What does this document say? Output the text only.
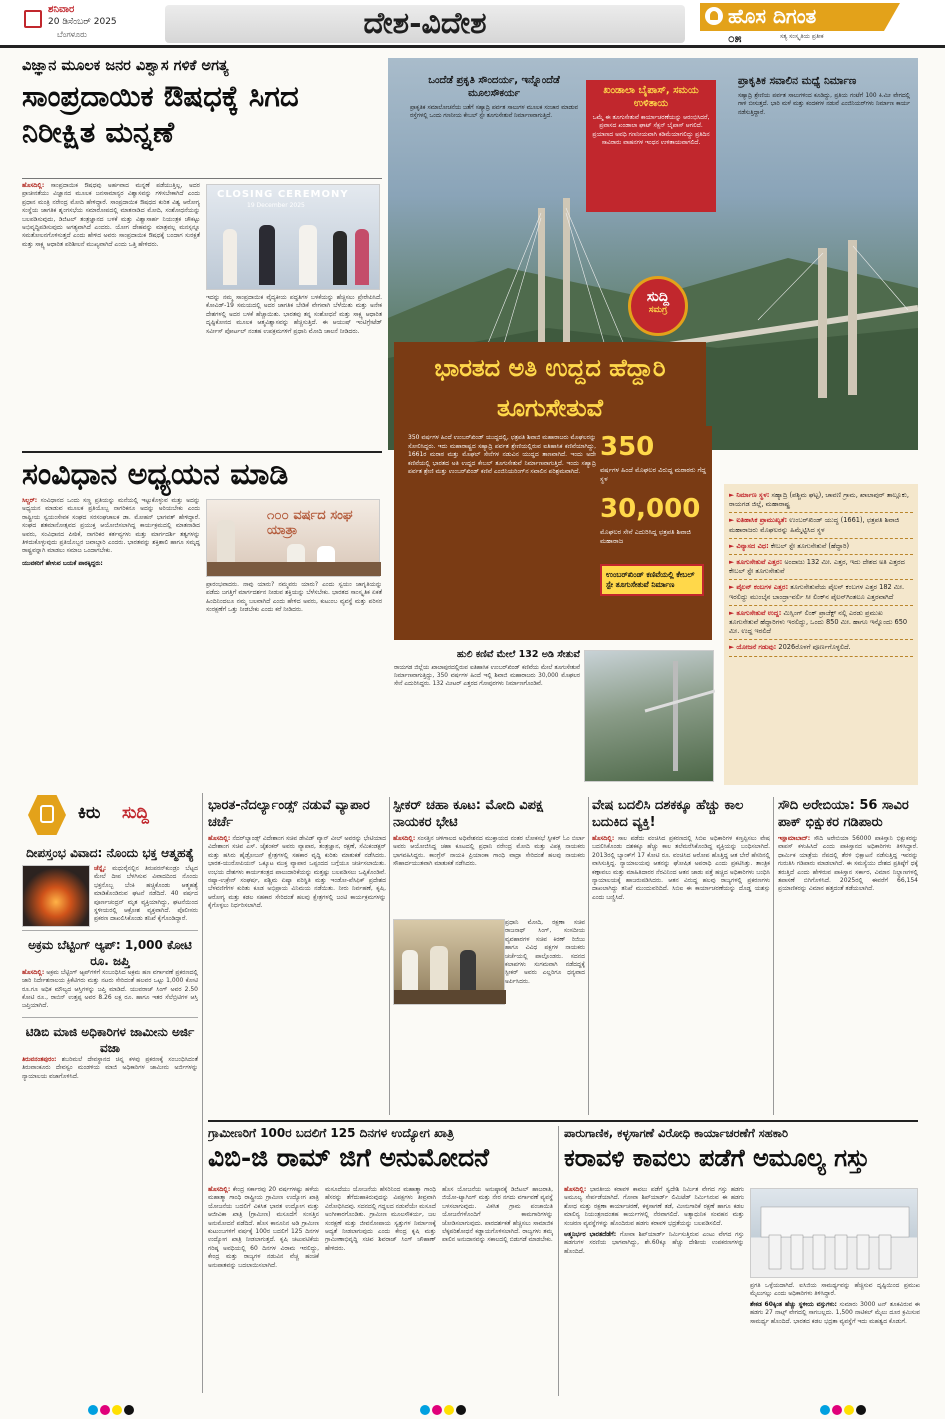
ಶನಿವಾರ
20 ಡಿಸೆಂಬರ್ 2025
ಬೆಂಗಳೂರು	ದೇಶ-ವಿದೇಶ	ಹೊಸ ದಿಗಂತ
೦೫	ಸತ್ಯ ಸಂಸ್ಕೃತಿಯ ಪ್ರತೀಕ
ವಿಜ್ಞಾನ ಮೂಲಕ ಜನರ ವಿಶ್ವಾಸ ಗಳಿಕೆ ಅಗತ್ಯ
ಸಾಂಪ್ರದಾಯಿಕ ಔಷಧಕ್ಕೆ ಸಿಗದ ನಿರೀಕ್ಷಿತ ಮನ್ನಣೆ
ಹೊಸದಿಲ್ಲಿ: ಸಾಂಪ್ರದಾಯಿಕ ಔಷಧವು ಅರ್ಹವಾದ ಮನ್ನಣೆ ಪಡೆಯುತ್ತಿಲ್ಲ, ಅದರ ಪ್ರಾಚೀನತೆಯು ವಿಜ್ಞಾನದ ಮೂಲಕ ಜನಸಾಮಾನ್ಯರ ವಿಶ್ವಾಸವನ್ನು ಗಳಿಸಬೇಕಾಗಿದೆ ಎಂದು ಪ್ರಧಾನ ಮಂತ್ರಿ ನರೇಂದ್ರ ಮೋದಿ ಹೇಳಿದ್ದಾರೆ. ಸಾಂಪ್ರದಾಯಿಕ ಔಷಧದ ಕುರಿತ ವಿಶ್ವ ಆರೋಗ್ಯ ಸಂಸ್ಥೆಯ ಜಾಗತಿಕ ಶೃಂಗಸಭೆಯ ಸಮಾರೋಪದಲ್ಲಿ ಮಾತನಾಡಿದ ಮೋದಿ, ಸಂಶೋಧನೆಯನ್ನು ಬಲಪಡಿಸುವುದು, ಡಿಜಿಟಲ್ ತಂತ್ರಜ್ಞಾನದ ಬಳಕೆ ಮತ್ತು ವಿಶ್ವಾಸಾರ್ಹ ನಿಯಂತ್ರಕ ಚೌಕಟ್ಟು ಅಭಿವೃದ್ಧಿಪಡಿಸುವುದು ಅಗತ್ಯವಾಗಿದೆ ಎಂದರು. ಯೋಗ ದೇಹವನ್ನು ಮಾತ್ರವಲ್ಲ ಮನಸ್ಸನ್ನೂ ಸಮತೋಲನಗೊಳಿಸುತ್ತದೆ ಎಂದು ಹೇಳಿದ ಅವರು ಸಾಂಪ್ರದಾಯಿಕ ಔಷಧಕ್ಕೆ ಬಂದಾಗ ಸುರಕ್ಷತೆ ಮತ್ತು ಸಾಕ್ಷ್ಯ ಆಧಾರಿತ ಪರಿಶೀಲನೆ ಮುಖ್ಯವಾಗಿದೆ ಎಂದು ಒತ್ತಿ ಹೇಳಿದರು.
CLOSING CEREMONY
19 December 2025
ಇದನ್ನು ನಮ್ಮ ಸಾಂಪ್ರದಾಯಿಕ ವೈದ್ಯಕೀಯ ಪದ್ಧತಿಗಳ ಬಳಕೆಯನ್ನು ಹೆಚ್ಚಿಸಲು ಪ್ರೇರೇಪಿಸಿದೆ. ಕೋವಿಡ್-19 ಸಮಯದಲ್ಲಿ ಅದರ ಜಾಗತಿಕ ಬೇಡಿಕೆ ವೇಗವಾಗಿ ಬೆಳೆಯಿತು ಮತ್ತು ಅನೇಕ ದೇಶಗಳಲ್ಲಿ ಅದರ ಬಳಕೆ ಹೆಚ್ಚಾಯಿತು. ಭಾರತವು ತನ್ನ ಸಂಶೋಧನೆ ಮತ್ತು ಸಾಕ್ಷ್ಯ ಆಧಾರಿತ ದೃಷ್ಟಿಕೋನದ ಮೂಲಕ ಆತ್ಮವಿಶ್ವಾಸವನ್ನು ಹೆಚ್ಚಿಸುತ್ತಿದೆ. ಈ ಆಯುಷ್ ಇಂಟಿಗ್ರೇಟೆಡ್ ಸರ್ವೀಸ್ ಪೋರ್ಟಲ್ ನಂತಹ ಉಪಕ್ರಮಗಳಿಗೆ ಪ್ರಧಾನಿ ಮೋದಿ ಚಾಲನೆ ನೀಡಿದರು.
ಸಂವಿಧಾನ ಅಧ್ಯಯನ ಮಾಡಿ
ಸಿಲ್ಚರ್: ಸಂವಿಧಾನದ ಒಂದು ಸಣ್ಣ ಪ್ರತಿಯನ್ನು ಮನೆಯಲ್ಲಿ ಇಟ್ಟುಕೊಳ್ಳುವ ಮತ್ತು ಅದನ್ನು ಅಧ್ಯಯನ ಮಾಡುವ ಮೂಲಕ ಪ್ರತಿಯೊಬ್ಬ ನಾಗರಿಕನೂ ಅದನ್ನು ಅರಿಯಬೇಕು ಎಂದು ರಾಷ್ಟ್ರೀಯ ಸ್ವಯಂಸೇವಕ ಸಂಘದ ಸರಸಂಘಚಾಲಕ ಡಾ. ಮೋಹನ್ ಭಾಗವತ್ ಹೇಳಿದ್ದಾರೆ. ಸಂಘದ ಶತಮಾನೋತ್ಸವದ ಪ್ರಯುಕ್ತ ಆಯೋಜಿಸಲಾಗಿದ್ದ ಕಾರ್ಯಕ್ರಮದಲ್ಲಿ ಮಾತನಾಡಿದ ಅವರು, ಸಂವಿಧಾನದ ಪೀಠಿಕೆ, ನಾಗರಿಕರ ಕರ್ತವ್ಯಗಳು ಮತ್ತು ಮಾರ್ಗದರ್ಶಿ ತತ್ವಗಳನ್ನು ತಿಳಿದುಕೊಳ್ಳುವುದು ಪ್ರತಿಯೊಬ್ಬರ ಜವಾಬ್ದಾರಿ ಎಂದರು. ಭಾರತವನ್ನು ಶಕ್ತಿಶಾಲಿ ಹಾಗೂ ಸಮೃದ್ಧ ರಾಷ್ಟ್ರವನ್ನಾಗಿ ಮಾಡಲು ಸಮಾಜ ಒಂದಾಗಬೇಕು.
ಯುವಕರಿಗೆ ಹೇಳುವ ಬಯಕೆ ಪಾಠಕ್ಕಿದ್ದರು:
೧೦೦ ವರ್ಷದ ಸಂಘ ಯಾತ್ರಾ
ಪ್ರಾರಂಭವಾದರು. ನಾವು ಯಾರು? ನಮ್ಮವರು ಯಾರು? ಎಂದು ಸ್ವಯಂ ಜಾಗೃತಿಯನ್ನು ಪಡೆದು ಜಗತ್ತಿಗೆ ಮಾರ್ಗದರ್ಶನ ನೀಡುವ ಶಕ್ತಿಯನ್ನು ಬೆಳೆಸಬೇಕು. ಭಾರತದ ಸಾಂಸ್ಕೃತಿಕ ಏಕತೆ ಹಿಂದಿನಿಂದಲೂ ನಮ್ಮ ಬಲವಾಗಿದೆ ಎಂದು ಹೇಳಿದ ಅವರು, ಕುಟುಂಬ ವ್ಯವಸ್ಥೆ ಮತ್ತು ಪರಿಸರ ಸಂರಕ್ಷಣೆಗೆ ಒತ್ತು ನೀಡಬೇಕು ಎಂದು ಕರೆ ನೀಡಿದರು.
ಒಂದೆಡೆ ಪ್ರಕೃತಿ ಸೌಂದರ್ಯ, ಇನ್ನೊಂದೆಡೆ ಮೂಲಸೌಕರ್ಯ
ಪ್ರಾಕೃತಿಕ ಸಮಾಲೋಚನೆಯ ಜತೆಗೆ ಸಹ್ಯಾದ್ರಿ ಪರ್ವತ ಸಾಲುಗಳ ಮೂಲಕ ಸಂಚಾರ ಮಾಡುವ ರಸ್ತೆಗಳಲ್ಲಿ ಒಂದು ಗಣನೀಯ ಕೇಬಲ್ ಸ್ಟೇ ತೂಗುಸೇತುವೆ ನಿರ್ಮಾಣವಾಗುತ್ತಿದೆ.
ಖಂಡಾಲಾ ಬೈಪಾಸ್, ಸಮಯ ಉಳಿತಾಯ
ಒಮ್ಮೆ ಈ ತೂಗುಸೇತುವೆ ಕಾರ್ಯಾಚರಣೆಯನ್ನು ಆರಂಭಿಸಿದರೆ, ಪ್ರವಾಸದ ಖಂಡಾಲಾ ಘಾಟ್ ಸೆಕ್ಷನ್ ಬೈಪಾಸ್ ಆಗಲಿದೆ. ಪ್ರಯಾಣದ ಅವಧಿ ಗಣನೀಯವಾಗಿ ಕಡಿಮೆಯಾಗಲಿದ್ದು ಪ್ರತಿದಿನ ಸಾವಿರಾರು ವಾಹನಗಳ ಇಂಧನ ಉಳಿತಾಯವಾಗಲಿದೆ.
ಪ್ರಾಕೃತಿಕ ಸವಾಲಿನ ಮಧ್ಯೆ ನಿರ್ಮಾಣ
ಸಹ್ಯಾದ್ರಿ ಶ್ರೇಣಿಯ ಪರ್ವತ ಸಾಲುಗಳಿಂದ ಕೂಡಿದ್ದು, ಪ್ರತಿಯ ಗಂಟೆಗೆ 100 ಕಿ.ಮೀ ವೇಗದಲ್ಲಿ ಗಾಳಿ ಬೀಸುತ್ತದೆ. ಭಾರಿ ಮಳೆ ಮತ್ತು ಕಂದಕಗಳ ನಡುವೆ ಎಂಜಿನಿಯರ್‌ಗಳು ನಿರ್ಮಾಣ ಕಾರ್ಯ ನಡೆಸುತ್ತಿದ್ದಾರೆ.
ಸುದ್ದಿ
ಸಮಗ್ರ
ಭಾರತದ ಅತಿ ಉದ್ದದ ಹೆದ್ದಾರಿ ತೂಗುಸೇತುವೆ
350 ವರ್ಷಗಳ ಹಿಂದೆ ಉಂಬರ್‌ಖಿಂಡ್ ಯುದ್ಧದಲ್ಲಿ, ಛತ್ರಪತಿ ಶಿವಾಜಿ ಮಹಾರಾಜರು ಮೊಘಲರನ್ನು ಸೋಲಿಸಿದ್ದರು. ಇದು ಮಹಾರಾಷ್ಟ್ರದ ಸಹ್ಯಾದ್ರಿ ಪರ್ವತ ಶ್ರೇಣಿಯಲ್ಲಿರುವ ಐತಿಹಾಸಿಕ ಕಣಿವೆಯಾಗಿದ್ದು, 1661ರ ಮರಾಠ ಮತ್ತು ಮೊಘಲ್ ಸೇನೆಗಳ ನಡುವಿನ ಯುದ್ಧದ ತಾಣವಾಗಿದೆ. ಇಂದು ಅದೇ ಕಣಿವೆಯಲ್ಲಿ ಭಾರತದ ಅತಿ ಉದ್ದದ ಕೇಬಲ್ ತೂಗುಸೇತುವೆ ನಿರ್ಮಾಣವಾಗುತ್ತಿದೆ. ಇಂದು ಸಹ್ಯಾದ್ರಿ ಪರ್ವತ ಶ್ರೇಣಿ ಮತ್ತು ಉಂಬರ್‌ಖಿಂಡ್ ಕಣಿವೆ ಎಂಜಿನಿಯರಿಂಗ್‌ನ ಸವಾಲಿನ ಪರಿಶ್ರಮವಾಗಿದೆ.
350
ವರ್ಷಗಳ ಹಿಂದೆ ಮೊಘಲರ ವಿರುದ್ಧ ಮರಾಠರು ಗೆದ್ದ ಸ್ಥಳ
30,000
ಮೊಘಲರ ಸೇನೆ ಎದುರಿಸಿದ್ದ ಛತ್ರಪತಿ ಶಿವಾಜಿ ಮಹಾರಾಜ
ಉಂಬರ್‌ಖಿಂಡ್ ಕಣಿವೆಯಲ್ಲಿ ಕೇಬಲ್ ಸ್ಟೇ ತೂಗುಸೇತುವೆ ನಿರ್ಮಾಣ
ಹುಲಿ ಕಣಿವೆ ಮೇಲೆ 132 ಅಡಿ ಸೇತುವೆ
ರಾಯಗಡ ಜಿಲ್ಲೆಯ ಖಾಲಾಪುರದಲ್ಲಿರುವ ಐತಿಹಾಸಿಕ ಉಂಬರ್‌ಖಿಂಡ್ ಕಣಿವೆಯ ಮೇಲೆ ತೂಗುಸೇತುವೆ ನಿರ್ಮಾಣವಾಗುತ್ತಿದ್ದು, 350 ವರ್ಷಗಳ ಹಿಂದೆ ಇಲ್ಲಿ ಶಿವಾಜಿ ಮಹಾರಾಜರು 30,000 ಮೊಘಲರ ಸೇನೆ ಎದುರಿಸಿದ್ದರು. 132 ಮೀಟರ್ ಎತ್ತರದ ಗೋಪುರಗಳು ನಿರ್ಮಾಣಗೊಂಡಿವೆ.
► ನಿರ್ಮಾಣ ಸ್ಥಳ: ಸಹ್ಯಾದ್ರಿ (ಪಶ್ಚಿಮ ಘಟ್ಟ), ಚಾವಣಿ ಗ್ರಾಮ, ಖಾಲಾಪುರ್ ತಾಲ್ಲೂಕು, ರಾಯಗಡ ಜಿಲ್ಲೆ, ಮಹಾರಾಷ್ಟ್ರ
► ಐತಿಹಾಸಿಕ ಪ್ರಾಮುಖ್ಯತೆ: ಉಂಬರ್‌ಖಿಂಡ್ ಯುದ್ಧ (1661), ಛತ್ರಪತಿ ಶಿವಾಜಿ ಮಹಾರಾಜರು ಮೊಘಲರನ್ನು ಹಿಮ್ಮೆಟ್ಟಿಸಿದ ಸ್ಥಳ
► ವಿನ್ಯಾಸದ ವಿಧ: ಕೇಬಲ್ ಸ್ಟೇ ತೂಗುಸೇತುವೆ (ಹೆದ್ದಾರಿ)
► ತೂಗುಸೇತುವೆ ಎತ್ತರ: ಅಂದಾಜು 132 ಮೀ. ಎತ್ತರ, ಇದು ದೇಶದ ಅತಿ ಎತ್ತರದ ಕೇಬಲ್ ಸ್ಟೇ ತೂಗುಸೇತುವೆ
► ಪೈಲನ್ ಕಂಬಗಳ ಎತ್ತರ: ತೂಗುಸೇತುವೆಯ ಪೈಲನ್ ಕಂಬಗಳ ಎತ್ತರ 182 ಮೀ. ಇರಲಿದ್ದು ಮುಂಬೈನ ಬಾಂದ್ರಾ-ವರ್ಲಿ ಸೀ ಲಿಂಕ್‌ನ ಪೈಲನ್‌ಗಿಂತಲೂ ಎತ್ತರವಾಗಿದೆ
► ತೂಗುಸೇತುವೆ ಉದ್ದ: ಮಿಸ್ಸಿಂಗ್ ಲಿಂಕ್ ಪ್ರಾಜೆಕ್ಟ್ ನಲ್ಲಿ ಎರಡು ಪ್ರಮುಖ ತೂಗುಸೇತುವೆ ಹೆದ್ದಾರಿಗಳು ಇರಲಿದ್ದು, ಒಂದು 850 ಮೀ. ಹಾಗೂ ಇನ್ನೊಂದು 650 ಮೀ. ಉದ್ದ ಇರಲಿದೆ
► ಯೋಜನೆ ಗಡುವು: 2026ರೊಳಗೆ ಪೂರ್ಣಗೊಳ್ಳಲಿದೆ.
ಕಿರು ಸುದ್ದಿ
ದೀಪಸ್ತಂಭ ವಿವಾದ: ನೊಂದು ಭಕ್ತ ಆತ್ಮಹತ್ಯೆ
ಚೆನ್ನೈ: ಮಧುರೈನಲ್ಲಿನ ತಿರುಪರನ್‌ಕುಂಡ್ರಂ ಬೆಟ್ಟದ ಮೇಲೆ ದೀಪ ಬೆಳಗಿಸುವ ವಿವಾದದಿಂದ ನೊಂದು ಭಕ್ತನೊಬ್ಬ ಬೆಂಕಿ ಹಚ್ಚಿಕೊಂಡು ಆತ್ಮಹತ್ಯೆ ಮಾಡಿಕೊಂಡಿರುವ ಘಟನೆ ನಡೆದಿದೆ. 40 ವರ್ಷದ ಪೂರ್ಣಚಂದ್ರನ್ ಮೃತ ವ್ಯಕ್ತಿಯಾಗಿದ್ದು, ಘಟನೆಯಿಂದ ಸ್ಥಳೀಯರಲ್ಲಿ ಆಕ್ರೋಶ ವ್ಯಕ್ತವಾಗಿದೆ. ಪೊಲೀಸರು ಪ್ರಕರಣ ದಾಖಲಿಸಿಕೊಂಡು ತನಿಖೆ ಕೈಗೊಂಡಿದ್ದಾರೆ.
ಅಕ್ರಮ ಬೆಟ್ಟಿಂಗ್ ಆ್ಯಪ್: 1,000 ಕೋಟಿ ರೂ. ಜಪ್ತಿ
ಹೊಸದಿಲ್ಲಿ: ಅಕ್ರಮ ಬೆಟ್ಟಿಂಗ್ ಆ್ಯಪ್‌ಗಳಿಗೆ ಸಂಬಂಧಿಸಿದ ಅಕ್ರಮ ಹಣ ವರ್ಗಾವಣೆ ಪ್ರಕರಣದಲ್ಲಿ ಜಾರಿ ನಿರ್ದೇಶನಾಲಯ ಕ್ರಿಕೆಟಿಗರು ಮತ್ತು ನಟರು ಸೇರಿದಂತೆ ಹಲವರ ಒಟ್ಟು 1,000 ಕೋಟಿ ರೂ.ಗೂ ಅಧಿಕ ಮೌಲ್ಯದ ಆಸ್ತಿಗಳನ್ನು ಜಪ್ತಿ ಮಾಡಿದೆ. ಯುವರಾಜ್ ಸಿಂಗ್ ಅವರ 2.50 ಕೋಟಿ ರೂ., ರಾಬಿನ್ ಉತ್ತಪ್ಪ ಅವರ 8.26 ಲಕ್ಷ ರೂ. ಹಾಗೂ ಇತರ ಸೆಲೆಬ್ರಿಟಿಗಳ ಆಸ್ತಿ ಜಪ್ತಿಯಾಗಿದೆ.
ಟಿಡಿಬಿ ಮಾಜಿ ಅಧಿಕಾರಿಗಳ ಜಾಮೀನು ಅರ್ಜಿ ವಜಾ
ತಿರುವನಂತಪುರಂ: ಶಬರಿಮಲೆ ದೇವಸ್ಥಾನದ ಚಿನ್ನ ಕಳವು ಪ್ರಕರಣಕ್ಕೆ ಸಂಬಂಧಿಸಿದಂತೆ ತಿರುವಾಂಕೂರು ದೇವಸ್ವಂ ಮಂಡಳಿಯ ಮಾಜಿ ಅಧಿಕಾರಿಗಳ ಜಾಮೀನು ಅರ್ಜಿಗಳನ್ನು ನ್ಯಾಯಾಲಯ ವಜಾಗೊಳಿಸಿದೆ.
ಭಾರತ-ನೆದರ್ಲ್ಯಾಂಡ್ಸ್ ನಡುವೆ ವ್ಯಾಪಾರ ಚರ್ಚೆ
ಹೊಸದಿಲ್ಲಿ: ನೆದರ್‌ಲ್ಯಾಂಡ್ಸ್ ವಿದೇಶಾಂಗ ಸಚಿವ ಡೇವಿಡ್ ವ್ಯಾನ್ ವೀಲ್ ಅವರನ್ನು ಭೇಟಿಯಾದ ವಿದೇಶಾಂಗ ಸಚಿವ ಎಸ್. ಜೈಶಂಕರ್ ಅವರು ವ್ಯಾಪಾರ, ತಂತ್ರಜ್ಞಾನ, ರಕ್ಷಣೆ, ಸೆಮಿಕಂಡಕ್ಟರ್ ಮತ್ತು ಹಸಿರು ಹೈಡ್ರೋಜನ್ ಕ್ಷೇತ್ರಗಳಲ್ಲಿ ಸಹಕಾರ ವೃದ್ಧಿ ಕುರಿತು ಮಾತುಕತೆ ನಡೆಸಿದರು. ಭಾರತ-ಯುರೋಪಿಯನ್ ಒಕ್ಕೂಟ ಮುಕ್ತ ವ್ಯಾಪಾರ ಒಪ್ಪಂದದ ಬಗ್ಗೆಯೂ ಚರ್ಚಿಸಲಾಯಿತು. ಉಭಯ ದೇಶಗಳು ಕಾರ್ಯತಂತ್ರದ ಪಾಲುದಾರಿಕೆಯನ್ನು ಮತ್ತಷ್ಟು ಬಲಪಡಿಸಲು ಒಪ್ಪಿಕೊಂಡಿವೆ. ರಷ್ಯಾ-ಉಕ್ರೇನ್ ಸಂಘರ್ಷ, ಪಶ್ಚಿಮ ಏಷ್ಯಾ ಪರಿಸ್ಥಿತಿ ಮತ್ತು ಇಂಡೋ-ಪೆಸಿಫಿಕ್ ಪ್ರದೇಶದ ಬೆಳವಣಿಗೆಗಳ ಕುರಿತು ಕೂಡ ಅಭಿಪ್ರಾಯ ವಿನಿಮಯ ನಡೆಯಿತು. ನೀರು ನಿರ್ವಹಣೆ, ಕೃಷಿ, ಆರೋಗ್ಯ ಮತ್ತು ಕಡಲ ಸಹಕಾರ ಸೇರಿದಂತೆ ಹಲವು ಕ್ಷೇತ್ರಗಳಲ್ಲಿ ಜಂಟಿ ಕಾರ್ಯಕ್ರಮಗಳನ್ನು ಕೈಗೊಳ್ಳಲು ನಿರ್ಧರಿಸಲಾಗಿದೆ.
ಸ್ಪೀಕರ್ ಚಹಾ ಕೂಟ: ಮೋದಿ ವಿಪಕ್ಷ ನಾಯಕರ ಭೇಟಿ
ಹೊಸದಿಲ್ಲಿ: ಸಂಸತ್ತಿನ ಚಳಿಗಾಲದ ಅಧಿವೇಶನದ ಮುಕ್ತಾಯದ ನಂತರ ಲೋಕಸಭೆ ಸ್ಪೀಕರ್ ಓಂ ಬಿರ್ಲಾ ಅವರು ಆಯೋಜಿಸಿದ್ದ ಚಹಾ ಕೂಟದಲ್ಲಿ ಪ್ರಧಾನಿ ನರೇಂದ್ರ ಮೋದಿ ಮತ್ತು ವಿಪಕ್ಷ ನಾಯಕರು ಭಾಗವಹಿಸಿದ್ದರು. ಕಾಂಗ್ರೆಸ್ ನಾಯಕಿ ಪ್ರಿಯಾಂಕಾ ಗಾಂಧಿ ವಾದ್ರಾ ಸೇರಿದಂತೆ ಹಲವು ನಾಯಕರು ಸೌಹಾರ್ದಯುತವಾಗಿ ಮಾತುಕತೆ ನಡೆಸಿದರು.
ಪ್ರಧಾನಿ ಮೋದಿ, ರಕ್ಷಣಾ ಸಚಿವ ರಾಜನಾಥ್ ಸಿಂಗ್, ಸಂಸದೀಯ ವ್ಯವಹಾರಗಳ ಸಚಿವ ಕಿರಣ್ ರಿಜಿಜು ಹಾಗೂ ವಿವಿಧ ಪಕ್ಷಗಳ ನಾಯಕರು ಚರ್ಚೆಯಲ್ಲಿ ಪಾಲ್ಗೊಂಡರು. ಸದನದ ಕಲಾಪಗಳು ಸುಗಮವಾಗಿ ನಡೆದದ್ದಕ್ಕೆ ಸ್ಪೀಕರ್ ಅವರು ಎಲ್ಲರಿಗೂ ಧನ್ಯವಾದ ಅರ್ಪಿಸಿದರು.
ವೇಷ ಬದಲಿಸಿ ದಶಕಕ್ಕೂ ಹೆಚ್ಚು ಕಾಲ ಬದುಕಿದ ವ್ಯಕ್ತಿ!
ಹೊಸದಿಲ್ಲಿ: ಸಾಲ ಪಡೆದು ವಂಚಿಸಿದ ಪ್ರಕರಣದಲ್ಲಿ ಸಿಬಿಐ ಅಧಿಕಾರಿಗಳ ಕಣ್ತಪ್ಪಿಸಲು ವೇಷ ಬದಲಿಸಿಕೊಂಡು ದಶಕಕ್ಕೂ ಹೆಚ್ಚು ಕಾಲ ತಲೆಮರೆಸಿಕೊಂಡಿದ್ದ ವ್ಯಕ್ತಿಯನ್ನು ಬಂಧಿಸಲಾಗಿದೆ. 2013ರಲ್ಲಿ ಬ್ಯಾಂಕ್‌ಗೆ 17 ಕೋಟಿ ರೂ. ವಂಚಿಸಿದ ಆರೋಪ ಹೊತ್ತಿದ್ದ ಆತ ಬೇರೆ ಹೆಸರಿನಲ್ಲಿ ವಾಸಿಸುತ್ತಿದ್ದ. ನ್ಯಾಯಾಲಯವು ಆತನನ್ನು ಘೋಷಿತ ಅಪರಾಧಿ ಎಂದು ಪ್ರಕಟಿಸಿತ್ತು. ತಾಂತ್ರಿಕ ಕಣ್ಗಾವಲು ಮತ್ತು ಮಾಹಿತಿದಾರರ ನೆರವಿನಿಂದ ಆತನ ಜಾಡು ಪತ್ತೆ ಹಚ್ಚಿದ ಅಧಿಕಾರಿಗಳು ಬಂಧಿಸಿ ನ್ಯಾಯಾಲಯಕ್ಕೆ ಹಾಜರುಪಡಿಸಿದರು. ಆತನ ವಿರುದ್ಧ ಹಲವು ರಾಜ್ಯಗಳಲ್ಲಿ ಪ್ರಕರಣಗಳು ದಾಖಲಾಗಿದ್ದು ತನಿಖೆ ಮುಂದುವರಿದಿದೆ. ಸಿಬಿಐ ಈ ಕಾರ್ಯಾಚರಣೆಯನ್ನು ದೊಡ್ಡ ಯಶಸ್ಸು ಎಂದು ಬಣ್ಣಿಸಿದೆ.
ಸೌದಿ ಅರೇಬಿಯಾ: 56 ಸಾವಿರ ಪಾಕ್ ಭಿಕ್ಷುಕರ ಗಡಿಪಾರು
ಇಸ್ಲಾಮಾಬಾದ್: ಸೌದಿ ಅರೇಬಿಯಾ 56000 ಪಾಕಿಸ್ತಾನಿ ಭಿಕ್ಷುಕರನ್ನು ವಾಪಸ್ ಕಳುಹಿಸಿದೆ ಎಂದು ಪಾಕಿಸ್ತಾನದ ಅಧಿಕಾರಿಗಳು ತಿಳಿಸಿದ್ದಾರೆ. ಧಾರ್ಮಿಕ ಯಾತ್ರೆಯ ನೆಪದಲ್ಲಿ ತೆರಳಿ ಭಿಕ್ಷಾಟನೆ ನಡೆಸುತ್ತಿದ್ದ ಇವರನ್ನು ಗುರುತಿಸಿ ಗಡಿಪಾರು ಮಾಡಲಾಗಿದೆ. ಈ ಸಮಸ್ಯೆಯು ದೇಶದ ಪ್ರತಿಷ್ಠೆಗೆ ಧಕ್ಕೆ ತರುತ್ತಿದೆ ಎಂದು ಹೇಳಿರುವ ಪಾಕಿಸ್ತಾನ ಸರ್ಕಾರ, ವಿಮಾನ ನಿಲ್ದಾಣಗಳಲ್ಲಿ ತಪಾಸಣೆ ಬಿಗಿಗೊಳಿಸಿದೆ. 2025ರಲ್ಲಿ ಈವರೆಗೆ 66,154 ಪ್ರಯಾಣಿಕರನ್ನು ವಿಮಾನ ಹತ್ತದಂತೆ ತಡೆಯಲಾಗಿದೆ.
ಗ್ರಾಮೀಣರಿಗೆ 100ರ ಬದಲಿಗೆ 125 ದಿನಗಳ ಉದ್ಯೋಗ ಖಾತ್ರಿ
ವಿಬಿ-ಜಿ ರಾಮ್ ಜಿಗೆ ಅನುಮೋದನೆ
ಹೊಸದಿಲ್ಲಿ: ಕೇಂದ್ರ ಸರ್ಕಾರವು 20 ವರ್ಷಗಳಷ್ಟು ಹಳೆಯ ಮಹಾತ್ಮಾ ಗಾಂಧಿ ರಾಷ್ಟ್ರೀಯ ಗ್ರಾಮೀಣ ಉದ್ಯೋಗ ಖಾತ್ರಿ ಯೋಜನೆಯ ಬದಲಿಗೆ ವಿಕಸಿತ ಭಾರತ ಉದ್ಯೋಗ ಮತ್ತು ಆಜೀವಿಕಾ ಖಾತ್ರಿ (ಗ್ರಾಮೀಣ) ಮಸೂದೆಗೆ ಸಂಸತ್ತಿನ ಅನುಮೋದನೆ ಪಡೆದಿದೆ. ಹೊಸ ಕಾನೂನಿನ ಅಡಿ ಗ್ರಾಮೀಣ ಕುಟುಂಬಗಳಿಗೆ ವರ್ಷಕ್ಕೆ 100ರ ಬದಲಿಗೆ 125 ದಿನಗಳ ಉದ್ಯೋಗ ಖಾತ್ರಿ ನೀಡಲಾಗುತ್ತದೆ. ಕೃಷಿ ಚಟುವಟಿಕೆಯ ಗರಿಷ್ಠ ಅವಧಿಯಲ್ಲಿ 60 ದಿನಗಳ ವಿರಾಮ ಇರಲಿದ್ದು, ಕೇಂದ್ರ ಮತ್ತು ರಾಜ್ಯಗಳ ನಡುವಿನ ವೆಚ್ಚ ಹಂಚಿಕೆ ಅನುಪಾತವನ್ನು ಬದಲಾಯಿಸಲಾಗಿದೆ.
ಮಸೂದೆಯು ಯೋಜನೆಯ ಹೆಸರಿನಿಂದ ಮಹಾತ್ಮಾ ಗಾಂಧಿ ಹೆಸರನ್ನು ತೆಗೆದುಹಾಕಿರುವುದನ್ನು ವಿಪಕ್ಷಗಳು ತೀವ್ರವಾಗಿ ವಿರೋಧಿಸಿದವು. ಸದನದಲ್ಲಿ ಗದ್ದಲದ ನಡುವೆಯೇ ಮಸೂದೆ ಅಂಗೀಕಾರಗೊಂಡಿತು. ಗ್ರಾಮೀಣ ಮೂಲಸೌಕರ್ಯ, ಜಲ ಸಂರಕ್ಷಣೆ ಮತ್ತು ಜೀವನೋಪಾಯ ಸ್ವತ್ತುಗಳ ನಿರ್ಮಾಣಕ್ಕೆ ಆದ್ಯತೆ ನೀಡಲಾಗುವುದು ಎಂದು ಕೇಂದ್ರ ಕೃಷಿ ಮತ್ತು ಗ್ರಾಮೀಣಾಭಿವೃದ್ಧಿ ಸಚಿವ ಶಿವರಾಜ್ ಸಿಂಗ್ ಚೌಹಾಣ್ ಹೇಳಿದರು.
ಹೊಸ ಯೋಜನೆಯ ಅನುಷ್ಠಾನಕ್ಕೆ ಡಿಜಿಟಲ್ ಹಾಜರಾತಿ, ಜಿಯೋ-ಟ್ಯಾಗಿಂಗ್ ಮತ್ತು ನೇರ ನಗದು ವರ್ಗಾವಣೆ ವ್ಯವಸ್ಥೆ ಬಳಸಲಾಗುವುದು. ವಿಕಸಿತ ಗ್ರಾಮ ಪಂಚಾಯಿತಿ ಯೋಜನೆಗಳೊಂದಿಗೆ ಕಾಮಗಾರಿಗಳನ್ನು ಜೋಡಿಸಲಾಗುವುದು. ಪಾರದರ್ಶಕತೆ ಹೆಚ್ಚಿಸಲು ಸಾಮಾಜಿಕ ಲೆಕ್ಕಪರಿಶೋಧನೆ ಕಡ್ಡಾಯಗೊಳಿಸಲಾಗಿದೆ. ರಾಜ್ಯಗಳು ತಮ್ಮ ಪಾಲಿನ ಅನುದಾನವನ್ನು ಸಕಾಲದಲ್ಲಿ ಬಿಡುಗಡೆ ಮಾಡಬೇಕು.
ಪಾರುಗಾಣಿಕ, ಕಳ್ಳಸಾಗಣೆ ವಿರೋಧಿ ಕಾರ್ಯಾಚರಣೆಗೆ ಸಹಕಾರಿ
ಕರಾವಳಿ ಕಾವಲು ಪಡೆಗೆ ಅಮೂಲ್ಯ ಗಸ್ತು
ಹೊಸದಿಲ್ಲಿ: ಭಾರತೀಯ ಕರಾವಳಿ ಕಾವಲು ಪಡೆಗೆ ಸ್ವದೇಶಿ ನಿರ್ಮಿತ ವೇಗದ ಗಸ್ತು ಹಡಗು ಅಮೂಲ್ಯ ಸೇರ್ಪಡೆಯಾಗಿದೆ. ಗೋವಾ ಶಿಪ್‌ಯಾರ್ಡ್ ಲಿಮಿಟೆಡ್ ನಿರ್ಮಿಸಿರುವ ಈ ಹಡಗು ಶೋಧ ಮತ್ತು ರಕ್ಷಣಾ ಕಾರ್ಯಾಚರಣೆ, ಕಳ್ಳಸಾಗಣೆ ತಡೆ, ಮೀನುಗಾರಿಕೆ ರಕ್ಷಣೆ ಹಾಗೂ ಕಡಲ ಮಾಲಿನ್ಯ ನಿಯಂತ್ರಣದಂತಹ ಕಾರ್ಯಗಳಲ್ಲಿ ನೆರವಾಗಲಿದೆ. ಅತ್ಯಾಧುನಿಕ ಸಂವಹನ ಮತ್ತು ಸಂಚರಣ ವ್ಯವಸ್ಥೆಗಳನ್ನು ಹೊಂದಿರುವ ಹಡಗು ಕರಾವಳಿ ಭದ್ರತೆಯನ್ನು ಬಲಪಡಿಸಲಿದೆ.
ಆತ್ಮನಿರ್ಭರ ಭಾರತದೆಡೆಗೆ: ಗೋವಾ ಶಿಪ್‌ಯಾರ್ಡ್ ನಿರ್ಮಿಸುತ್ತಿರುವ ಎಂಟು ವೇಗದ ಗಸ್ತು ಹಡಗುಗಳ ಸರಣಿಯ ಭಾಗವಾಗಿದ್ದು, ಶೇ.60ಕ್ಕೂ ಹೆಚ್ಚು ದೇಶೀಯ ಉಪಕರಣಗಳನ್ನು ಹೊಂದಿದೆ.
ಪ್ರಗತಿ ಒಳ್ಳೆಯದಾಗಿದೆ. ಐಸಿಜಿಯ ಸಾಮರ್ಥ್ಯವನ್ನು ಹೆಚ್ಚಿಸುವ ದೃಷ್ಟಿಯಿಂದ ಪ್ರಮುಖ ಮೈಲುಗಲ್ಲು ಎಂದು ಅಧಿಕಾರಿಗಳು ತಿಳಿಸಿದ್ದಾರೆ.
ಶೇಕಡ 60ಕ್ಕಿಂತ ಹೆಚ್ಚು ಸ್ಥಳೀಯ ವಸ್ತುಗಳು: ಸುಮಾರು 3000 ಟನ್ ತೂಕವಿರುವ ಈ ಹಡಗು 27 ನಾಟ್ಸ್ ವೇಗದಲ್ಲಿ ಸಾಗಬಲ್ಲದು. 1,500 ನಾಟಿಕಲ್ ಮೈಲು ದೂರ ಕ್ರಮಿಸುವ ಸಾಮರ್ಥ್ಯ ಹೊಂದಿದೆ. ಭಾರತದ ಕಡಲ ಭದ್ರತಾ ವ್ಯವಸ್ಥೆಗೆ ಇದು ಮಹತ್ವದ ಕೊಡುಗೆ.
